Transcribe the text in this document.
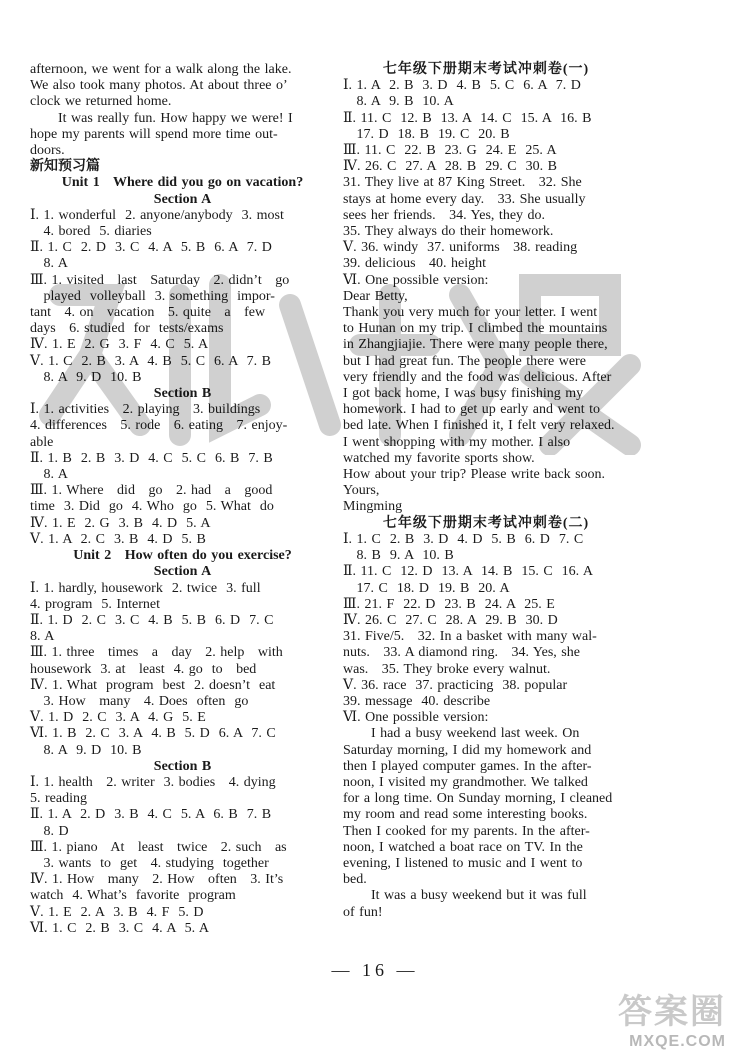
afternoon, we went for a walk along the lake.
We also took many photos. At about three o’
clock we returned home.
It was really fun. How happy we were! I
hope my parents will spend more time out-
doors.
新知预习篇
Unit 1   Where did you go on vacation?
Section A
Ⅰ. 1. wonderful  2. anyone/anybody  3. most
4. bored  5. diaries
Ⅱ. 1. C  2. D  3. C  4. A  5. B  6. A  7. D
8. A
Ⅲ. 1. visited   last   Saturday   2. didn’t   go
played  volleyball  3. something  impor-
tant   4. on   vacation   5. quite   a   few
days   6. studied  for  tests/exams
Ⅳ. 1. E  2. G  3. F  4. C  5. A
Ⅴ. 1. C  2. B  3. A  4. B  5. C  6. A  7. B
8. A  9. D  10. B
Section B
Ⅰ. 1. activities   2. playing   3. buildings
4. differences   5. rode   6. eating   7. enjoy-
able
Ⅱ. 1. B  2. B  3. D  4. C  5. C  6. B  7. B
8. A
Ⅲ. 1. Where   did   go   2. had   a   good
time  3. Did  go  4. Who  go  5. What  do
Ⅳ. 1. E  2. G  3. B  4. D  5. A
Ⅴ. 1. A  2. C  3. B  4. D  5. B
Unit 2   How often do you exercise?
Section A
Ⅰ. 1. hardly, housework  2. twice  3. full
4. program  5. Internet
Ⅱ. 1. D  2. C  3. C  4. B  5. B  6. D  7. C
8. A
Ⅲ. 1. three   times   a   day   2. help   with
housework  3. at   least  4. go  to   bed
Ⅳ. 1. What  program  best  2. doesn’t  eat
3. How   many   4. Does  often  go
Ⅴ. 1. D  2. C  3. A  4. G  5. E
Ⅵ. 1. B  2. C  3. A  4. B  5. D  6. A  7. C
8. A  9. D  10. B
Section B
Ⅰ. 1. health   2. writer  3. bodies   4. dying
5. reading
Ⅱ. 1. A  2. D  3. B  4. C  5. A  6. B  7. B
8. D
Ⅲ. 1. piano   At   least   twice   2. such   as
3. wants  to  get   4. studying  together
Ⅳ. 1. How   many   2. How   often   3. It’s
watch  4. What’s  favorite  program
Ⅴ. 1. E  2. A  3. B  4. F  5. D
Ⅵ. 1. C  2. B  3. C  4. A  5. A
七年级下册期末考试冲刺卷(一)
Ⅰ. 1. A  2. B  3. D  4. B  5. C  6. A  7. D
8. A  9. B  10. A
Ⅱ. 11. C  12. B  13. A  14. C  15. A  16. B
17. D  18. B  19. C  20. B
Ⅲ. 11. C  22. B  23. G  24. E  25. A
Ⅳ. 26. C  27. A  28. B  29. C  30. B
31. They live at 87 King Street.   32. She
stays at home every day.   33. She usually
sees her friends.   34. Yes, they do.
35. They always do their homework.
Ⅴ. 36. windy  37. uniforms   38. reading
39. delicious   40. height
Ⅵ. One possible version:
Dear Betty,
Thank you very much for your letter. I went
to Hunan on my trip. I climbed the mountains
in Zhangjiajie. There were many people there,
but I had great fun. The people there were
very friendly and the food was delicious. After
I got back home, I was busy finishing my
homework. I had to get up early and went to
bed late. When I finished it, I felt very relaxed.
I went shopping with my mother. I also
watched my favorite sports show.
How about your trip? Please write back soon.
Yours,
Mingming
七年级下册期末考试冲刺卷(二)
Ⅰ. 1. C  2. B  3. D  4. D  5. B  6. D  7. C
8. B  9. A  10. B
Ⅱ. 11. C  12. D  13. A  14. B  15. C  16. A
17. C  18. D  19. B  20. A
Ⅲ. 21. F  22. D  23. B  24. A  25. E
Ⅳ. 26. C  27. C  28. A  29. B  30. D
31. Five/5.   32. In a basket with many wal-
nuts.   33. A diamond ring.   34. Yes, she
was.   35. They broke every walnut.
Ⅴ. 36. race  37. practicing  38. popular
39. message  40. describe
Ⅵ. One possible version:
I had a busy weekend last week. On
Saturday morning, I did my homework and
then I played computer games. In the after-
noon, I visited my grandmother. We talked
for a long time. On Sunday morning, I cleaned
my room and read some interesting books.
Then I cooked for my parents. In the after-
noon, I watched a boat race on TV. In the
evening, I listened to music and I went to
bed.
It was a busy weekend but it was full
of fun!
— 16 —
答案圈
MXQE.COM
